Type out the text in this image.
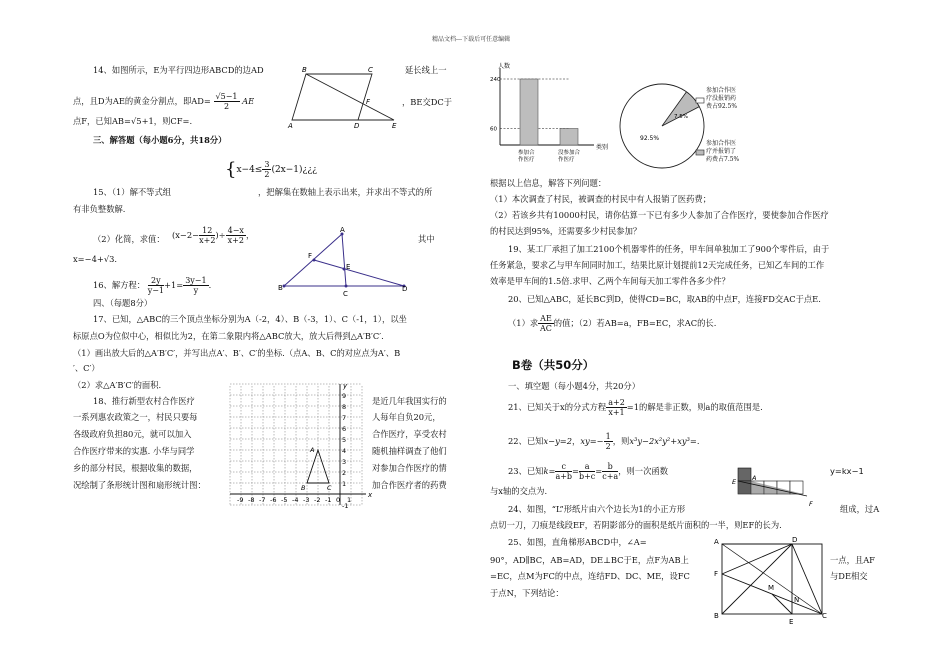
精品文档---下载后可任意编辑
14、如图所示，E为平行四边形ABCD的边AD	延长线上一
B	C
A	D	E
F
点，且D为AE的黄金分割点，即$AD= \frac{√5-1}{2}$ AE	，BE交DC于
点F，已知AB=√5+1，则CF=.
三、解答题（每小题6分，共18分）
{$x-4\le \frac{3}{2}$ (2x−1)¿¿¿
15、（1）解不等式组	，把解集在数轴上表示出来，并求出不等式的所
有非负整数解.
（2）化简，求值： ($x-2- \frac{12}{x+2}$ )÷ $\frac{4-x}{x+2}$ ，	其中
x=−4+√3.
A
B
C
D
E
F
16、解方程： $\frac{2y}{y-1} +1= \frac{3y-1}{y}$ .
四、（每题8分）
17、已知，△ABC的三个顶点坐标分别为A（-2，4）、B（-3，1）、C（-1，1），以坐
标原点O为位似中心，相似比为2，在第二象限内将△ABC放大，放大后得到△A′B′C′.
（1）画出放大后的△A′B′C′，并写出点A′、B′、C′的坐标.（点A、B、C的对应点为A′、B
′、C′）
（2）求△A′B′C′的面积.
18、推行新型农村合作医疗
一系列惠农政策之一，村民只要每
各级政府负担80元，就可以加入
合作医疗带来的实惠. 小华与同学
乡的部分村民，根据收集的数据，
况绘制了条形统计图和扇形统计图：
是近几年我国实行的
人每年自负20元，
合作医疗，享受农村
随机抽样调查了他们
对参加合作医疗的情
加合作医疗者的药费
-9 -8 -7 -6 -5 -4 -3 -2 -1 0 1
9
8
7
6
5
4
3
2
1
-1
x
y
A
B	C
人数
类别
60
240
参加合
作医疗
没参加合
作医疗
7.5%
92.5%
参加合作医
疗没报销药
费占92.5%
参加合作医
疗并报销了
药费占7.5%
根据以上信息，解答下列问题：
（1）本次调查了村民，被调查的村民中有人报销了医药费；
（2）若该乡共有10000村民，请你估算一下已有多少人参加了合作医疗，要使参加合作医疗
的村民达到95%，还需要多少村民参加？
19、某工厂承担了加工2100个机器零件的任务，甲车间单独加工了900个零件后，由于
任务紧急，要求乙与甲车间同时加工，结果比原计划提前12天完成任务，已知乙车间的工作
效率是甲车间的1.5倍.求甲、乙两个车间每天加工零件各多少件？
20、已知△ABC，延长BC到D，使得CD=BC，取AB的中点F，连接FD交AC于点E.
（1）求 $\frac{AE}{AC}$ 的值；（2）若AB=a，FB=EC，求AC的长.
B卷（共50分）
一、填空题（每小题4分，共20分）
21、已知关于x的分式方程 $\frac{a+2}{x+1} =1$的解是非正数，则a的取值范围是.
22、已知x−y=2，$xy=- \frac{1}{2}$ ，则x³y−2x²y²+xy³=.
23、已知$k= \frac{c}{a+b} = \frac{a}{b+c} = \frac{b}{c+a}$ ，则一次函数
与x轴的交点为.
E A
F
y=kx−1
24、如图，“L”形纸片由六个边长为1的小正方形	组成，过A
点切一刀，刀痕是线段EF，若阴影部分的面积是纸片面积的一半，则EF的长为.
25、如图，直角梯形ABCD中，∠A=
90°，AD∥BC，AB=AD，DE⊥BC于E，点F为AB上	一点，且AF
=EC，点M为FC的中点，连结FD、DC、ME，设FC	与DE相交
于点N，下列结论：
A	D
F
M
N
B
E
C
